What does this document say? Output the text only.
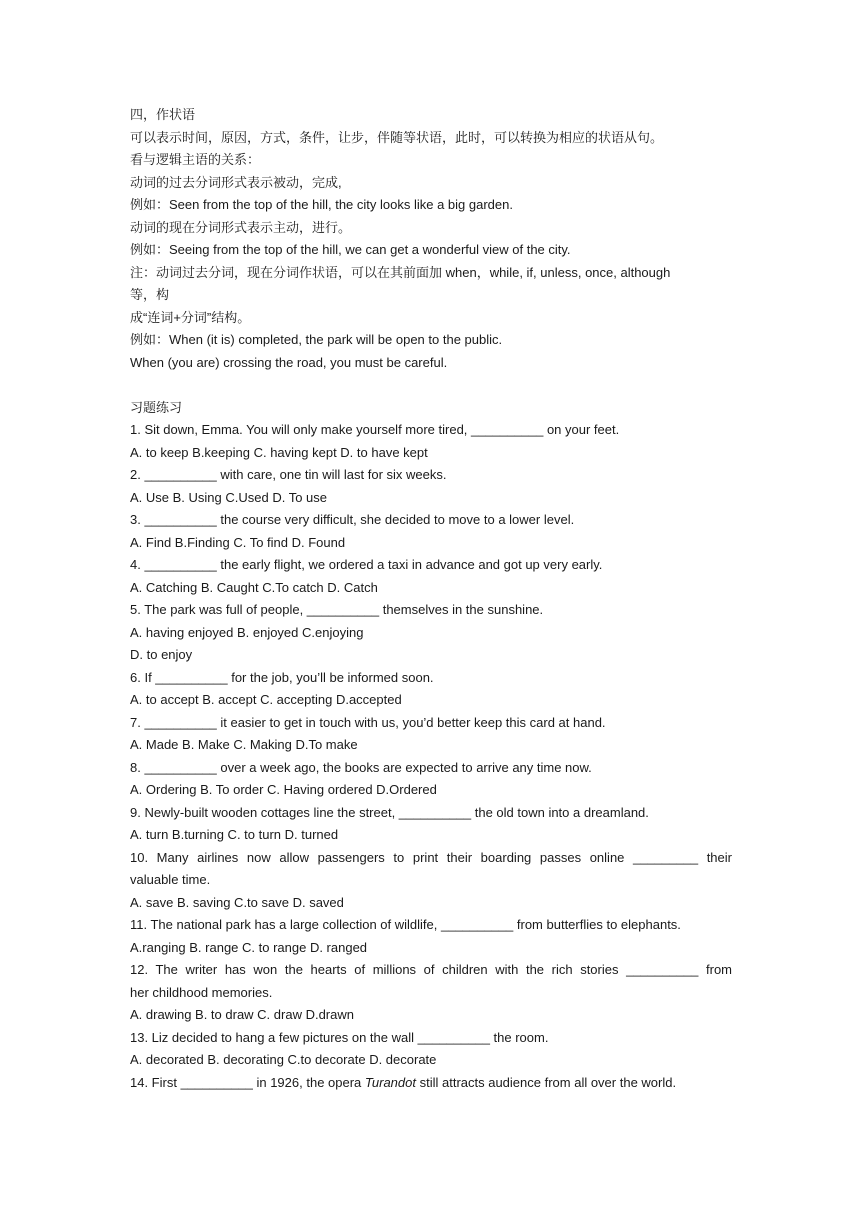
四，作状语
可以表示时间，原因，方式，条件，让步，伴随等状语，此时，可以转换为相应的状语从句。
看与逻辑主语的关系：
动词的过去分词形式表示被动，完成,
例如：Seen from the top of the hill, the city looks like a big garden.
动词的现在分词形式表示主动，进行。
例如：Seeing from the top of the hill, we can get a wonderful view of the city.
注：动词过去分词，现在分词作状语，可以在其前面加 when，while, if, unless, once, although
等，构
成“连词+分词”结构。
例如：When (it is) completed, the park will be open to the public.
When (you are) crossing the road, you must be careful.
习题练习
1. Sit down, Emma. You will only make yourself more tired, __________ on your feet.
A. to keep B.keeping C. having kept D. to have kept
2. __________ with care, one tin will last for six weeks.
A. Use B. Using C.Used D. To use
3. __________ the course very difficult, she decided to move to a lower level.
A. Find B.Finding C. To find D. Found
4. __________ the early flight, we ordered a taxi in advance and got up very early.
A. Catching B. Caught C.To catch D. Catch
5. The park was full of people, __________ themselves in the sunshine.
A. having enjoyed B. enjoyed C.enjoying
D. to enjoy
6. If __________ for the job, you’ll be informed soon.
A. to accept B. accept C. accepting D.accepted
7. __________ it easier to get in touch with us, you’d better keep this card at hand.
A. Made B. Make C. Making D.To make
8. __________ over a week ago, the books are expected to arrive any time now.
A. Ordering B. To order C. Having ordered D.Ordered
9. Newly-built wooden cottages line the street, __________ the old town into a dreamland.
A. turn B.turning C. to turn D. turned
10. Many airlines now allow passengers to print their boarding passes online _________ their
valuable time.
A. save B. saving C.to save D. saved
11. The national park has a large collection of wildlife, __________ from butterflies to elephants.
A.ranging B. range C. to range D. ranged
12. The writer has won the hearts of millions of children with the rich stories __________ from
her childhood memories.
A. drawing B. to draw C. draw D.drawn
13. Liz decided to hang a few pictures on the wall __________ the room.
A. decorated B. decorating C.to decorate D. decorate
14. First __________ in 1926, the opera Turandot still attracts audience from all over the world.
